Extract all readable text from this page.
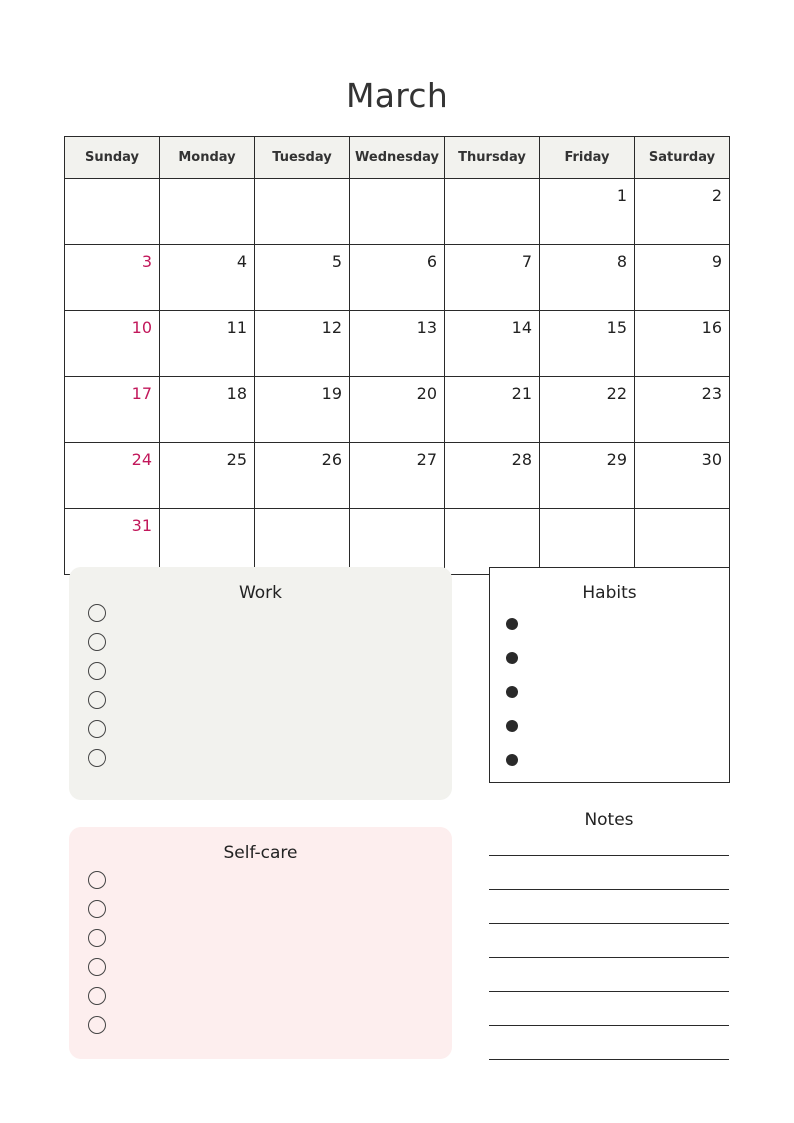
March
Sunday	Monday	Tuesday	Wednesday	Thursday	Friday	Saturday
					1	2
3	4	5	6	7	8	9
10	11	12	13	14	15	16
17	18	19	20	21	22	23
24	25	26	27	28	29	30
31						
Work
Self-care
Habits
Notes
